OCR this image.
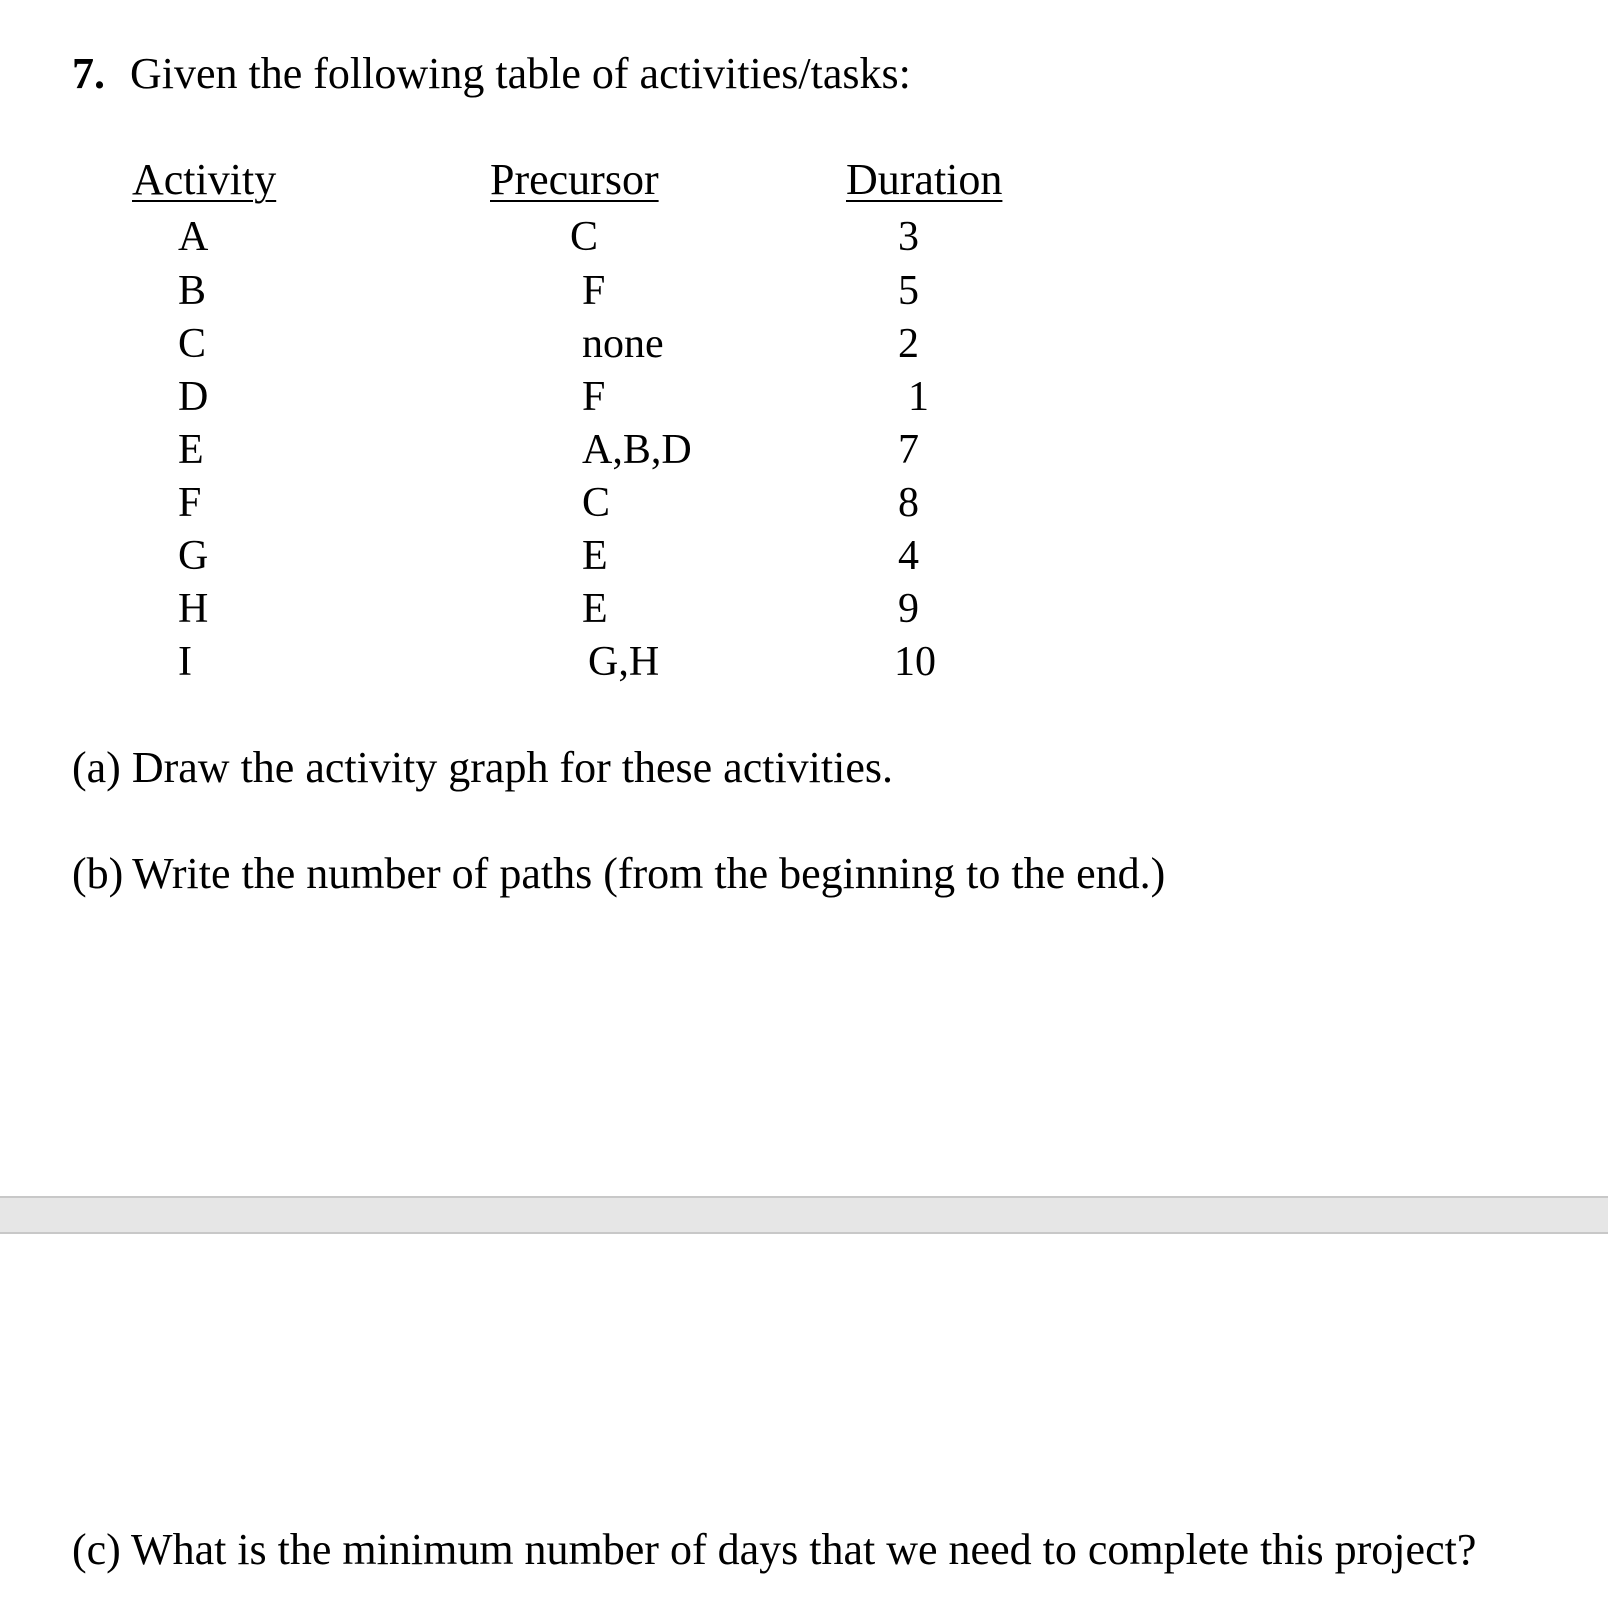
7. Given the following table of activities/tasks:
Activity	Precursor	Duration
A	C	3
B	F	5
C	none	2
D	F	1
E	A,B,D	7
F	C	8
G	E	4
H	E	9
I	G,H	10
(a) Draw the activity graph for these activities.
(b) Write the number of paths (from the beginning to the end.)
(c) What is the minimum number of days that we need to complete this project?
